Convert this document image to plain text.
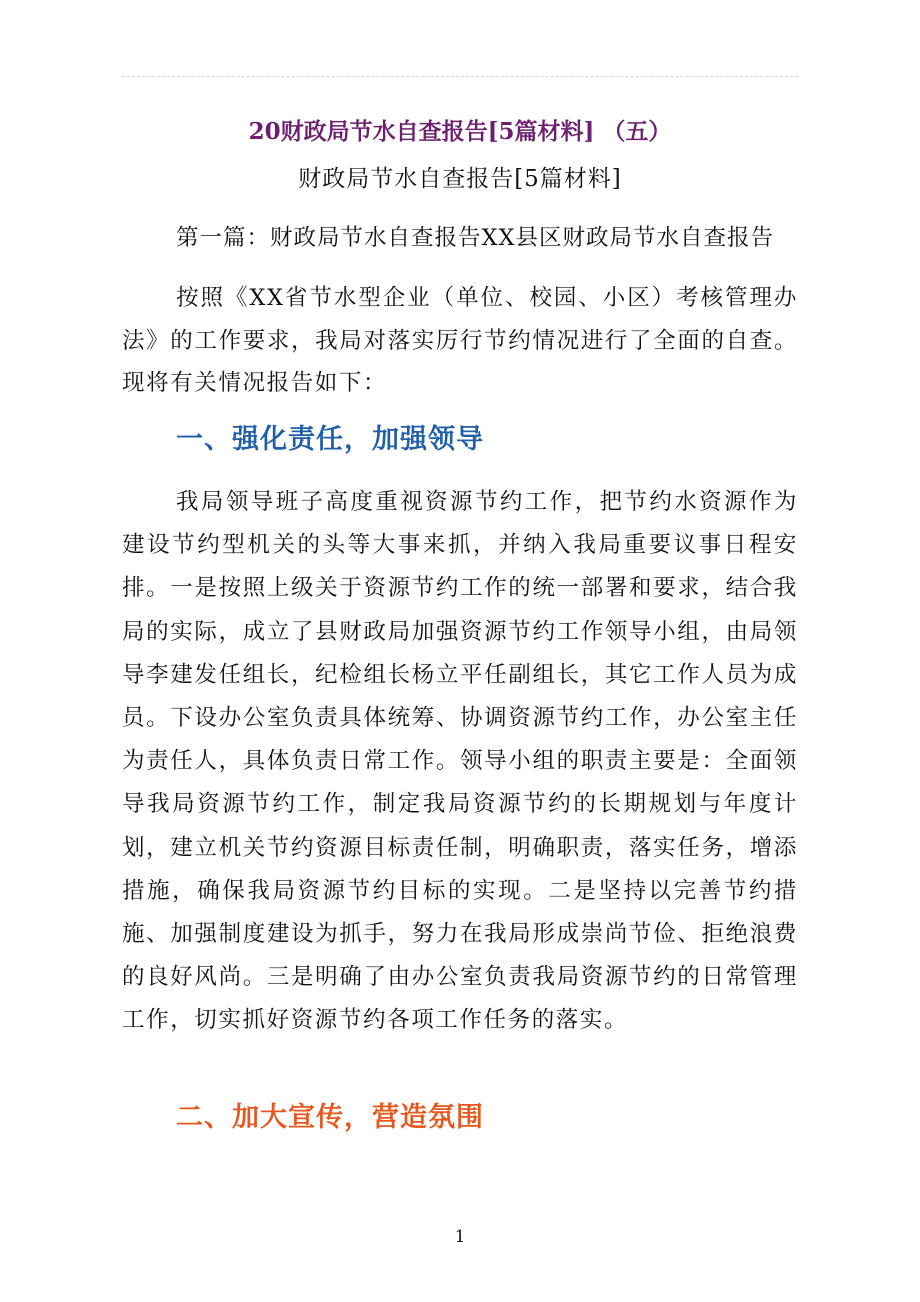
20财政局节水自查报告[5篇材料] （五）
财政局节水自查报告[5篇材料]
第一篇：财政局节水自查报告XX县区财政局节水自查报告
按照《XX省节水型企业（单位、校园、小区）考核管理办法》的工作要求，我局对落实厉行节约情况进行了全面的自查。现将有关情况报告如下：
一、强化责任，加强领导
我局领导班子高度重视资源节约工作，把节约水资源作为建设节约型机关的头等大事来抓，并纳入我局重要议事日程安排。一是按照上级关于资源节约工作的统一部署和要求，结合我局的实际，成立了县财政局加强资源节约工作领导小组，由局领导李建发任组长，纪检组长杨立平任副组长，其它工作人员为成员。下设办公室负责具体统筹、协调资源节约工作，办公室主任为责任人，具体负责日常工作。领导小组的职责主要是：全面领导我局资源节约工作，制定我局资源节约的长期规划与年度计划，建立机关节约资源目标责任制，明确职责，落实任务，增添措施，确保我局资源节约目标的实现。二是坚持以完善节约措施、加强制度建设为抓手，努力在我局形成崇尚节俭、拒绝浪费的良好风尚。三是明确了由办公室负责我局资源节约的日常管理工作，切实抓好资源节约各项工作任务的落实。
二、加大宣传，营造氛围
1
